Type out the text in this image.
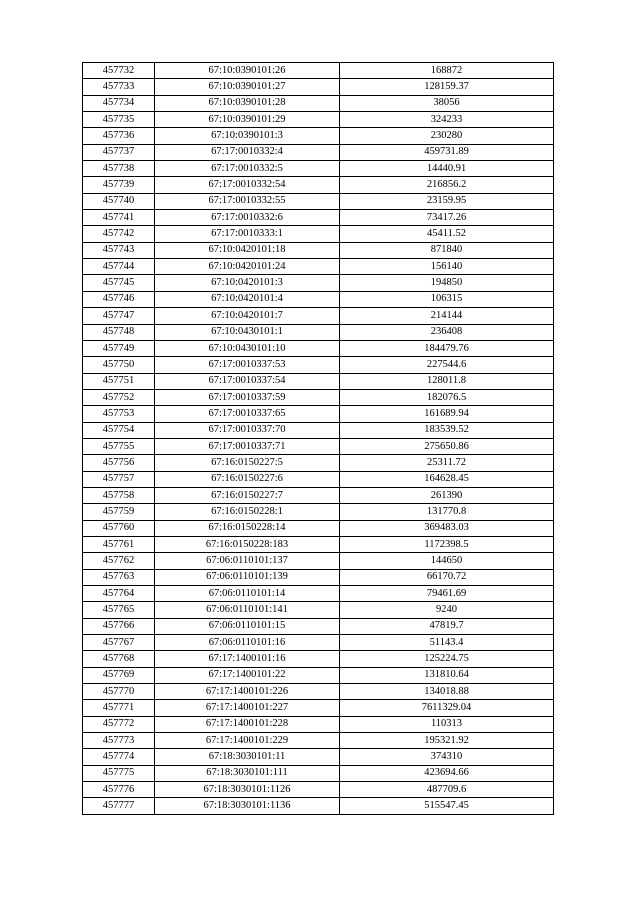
457732	67:10:0390101:26	168872
457733	67:10:0390101:27	128159.37
457734	67:10:0390101:28	38056
457735	67:10:0390101:29	324233
457736	67:10:0390101:3	230280
457737	67:17:0010332:4	459731.89
457738	67:17:0010332:5	14440.91
457739	67:17:0010332:54	216856.2
457740	67:17:0010332:55	23159.95
457741	67:17:0010332:6	73417.26
457742	67:17:0010333:1	45411.52
457743	67:10:0420101:18	871840
457744	67:10:0420101:24	156140
457745	67:10:0420101:3	194850
457746	67:10:0420101:4	106315
457747	67:10:0420101:7	214144
457748	67:10:0430101:1	236408
457749	67:10:0430101:10	184479.76
457750	67:17:0010337:53	227544.6
457751	67:17:0010337:54	128011.8
457752	67:17:0010337:59	182076.5
457753	67:17:0010337:65	161689.94
457754	67:17:0010337:70	183539.52
457755	67:17:0010337:71	275650.86
457756	67:16:0150227:5	25311.72
457757	67:16:0150227:6	164628.45
457758	67:16:0150227:7	261390
457759	67:16:0150228:1	131770.8
457760	67:16:0150228:14	369483.03
457761	67:16:0150228:183	1172398.5
457762	67:06:0110101:137	144650
457763	67:06:0110101:139	66170.72
457764	67:06:0110101:14	79461.69
457765	67:06:0110101:141	9240
457766	67:06:0110101:15	47819.7
457767	67:06:0110101:16	51143.4
457768	67:17:1400101:16	125224.75
457769	67:17:1400101:22	131810.64
457770	67:17:1400101:226	134018.88
457771	67:17:1400101:227	7611329.04
457772	67:17:1400101:228	110313
457773	67:17:1400101:229	195321.92
457774	67:18:3030101:11	374310
457775	67:18:3030101:111	423694.66
457776	67:18:3030101:1126	487709.6
457777	67:18:3030101:1136	515547.45
